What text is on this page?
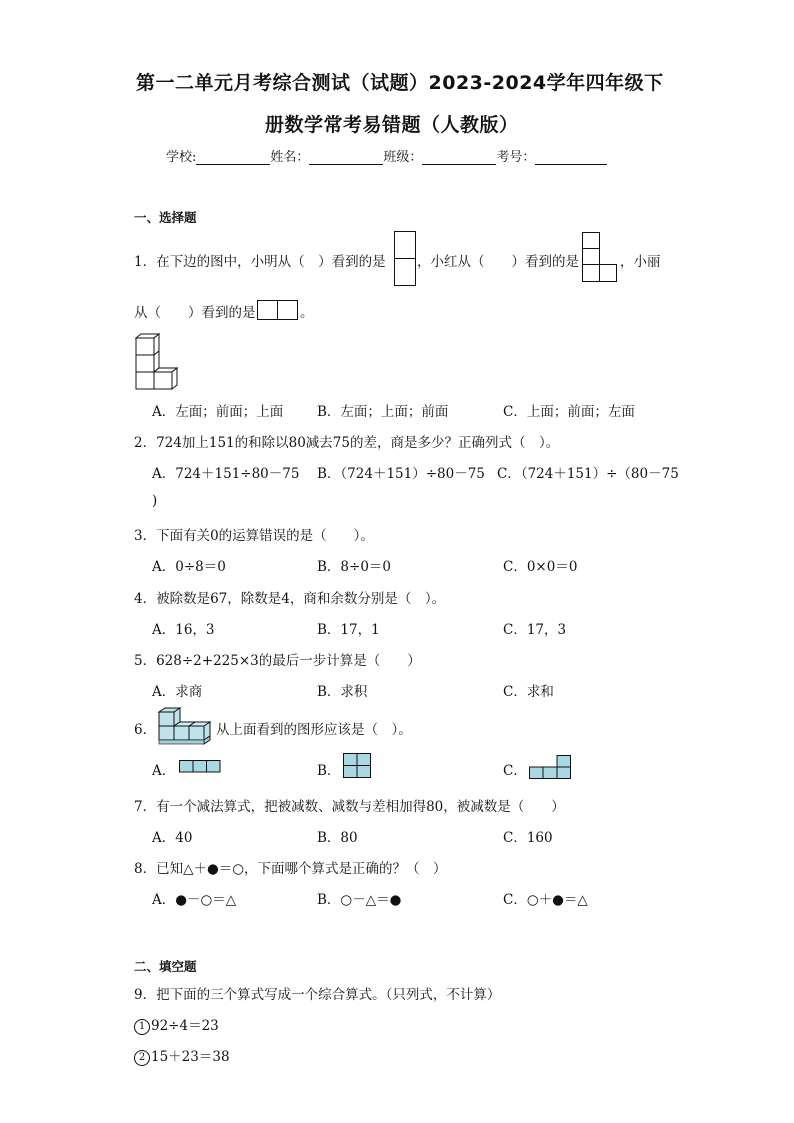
第一二单元月考综合测试（试题）2023-2024学年四年级下
册数学常考易错题（人教版）
学校:	姓名：	班级：	考号：
一、选择题
1．在下边的图中，小明从（　）看到的是 ，小红从（　　）看到的是	，小丽
从（　　）看到的是	。
A．左面；前面；上面	B．左面；上面；前面	C．上面；前面；左面
2．724加上151的和除以80减去75的差，商是多少？正确列式（　）。
A．724＋151÷80－75 B．（724＋151）÷80－75 C．（724＋151）÷（80－75
)
3．下面有关0的运算错误的是（　　）。
A．0÷8＝0	B．8÷0＝0	C．0×0＝0
4．被除数是67，除数是4，商和余数分别是（　）。
A．16，3	B．17，1	C．17，3
5．628÷2+225×3的最后一步计算是（　　）
A．求商	B．求积	C．求和
6．	从上面看到的图形应该是（　）。
A．	B．	C．
7．有一个减法算式，把被减数、减数与差相加得80，被减数是（　　）
A．40	B．80	C．160
8．已知△＋●＝○，下面哪个算式是正确的？（　）
A．●－○＝△	B．○－△＝●	C．○＋●＝△
二、填空题
9．把下面的三个算式写成一个综合算式。（只列式，不计算）
1 92÷4＝23
2 15＋23＝38
